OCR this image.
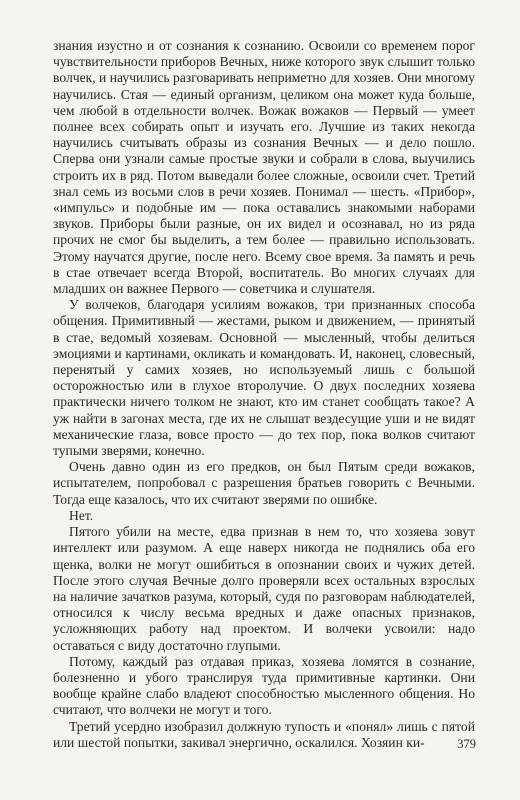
знания изустно и от сознания к сознанию. Освоили со временем порог чувствительности приборов Вечных, ниже которого звук слышит только волчек, и научились разговаривать неприметно для хозяев. Они многому научились. Стая — единый организм, целиком она может куда больше, чем любой в отдельности волчек. Вожак вожаков — Первый — умеет полнее всех собирать опыт и изучать его. Лучшие из таких некогда научились считывать образы из сознания Вечных — и дело пошло. Сперва они узнали самые простые звуки и собрали в слова, выучились строить их в ряд. Потом выведали более сложные, освоили счет. Третий знал семь из восьми слов в речи хозяев. Понимал — шесть. «Прибор», «импульс» и подобные им — пока оставались знакомыми наборами звуков. Приборы были разные, он их видел и осознавал, но из ряда прочих не смог бы выделить, а тем более — правильно использовать. Этому научатся другие, после него. Всему свое время. За память и речь в стае отвечает всегда Второй, воспитатель. Во многих случаях для младших он важнее Первого — советчика и слушателя.

У волчеков, благодаря усилиям вожаков, три признанных способа общения. Примитивный — жестами, рыком и движением, — принятый в стае, ведомый хозяевам. Основной — мысленный, чтобы делиться эмоциями и картинами, окликать и командовать. И, наконец, словесный, перенятый у самих хозяев, но используемый лишь с большой осторожностью или в глухое второлучие. О двух последних хозяева практически ничего толком не знают, кто им станет сообщать такое? А уж найти в загонах места, где их не слышат вездесущие уши и не видят механические глаза, вовсе просто — до тех пор, пока волков считают тупыми зверями, конечно.

Очень давно один из его предков, он был Пятым среди вожаков, испытателем, попробовал с разрешения братьев говорить с Вечными. Тогда еще казалось, что их считают зверями по ошибке.

Нет.

Пятого убили на месте, едва признав в нем то, что хозяева зовут интеллект или разумом. А еще наверх никогда не поднялись оба его щенка, волки не могут ошибиться в опознании своих и чужих детей. После этого случая Вечные долго проверяли всех остальных взрослых на наличие зачатков разума, который, судя по разговорам наблюдателей, относился к числу весьма вредных и даже опасных признаков, усложняющих работу над проектом. И волчеки усвоили: надо оставаться с виду достаточно глупыми.

Потому, каждый раз отдавая приказ, хозяева ломятся в сознание, болезненно и убого транслируя туда примитивные картинки. Они вообще крайне слабо владеют способностью мысленного общения. Но считают, что волчеки не могут и того.

Третий усердно изобразил должную тупость и «понял» лишь с пятой или шестой попытки, закивал энергично, оскалился. Хозяин ки-	379
